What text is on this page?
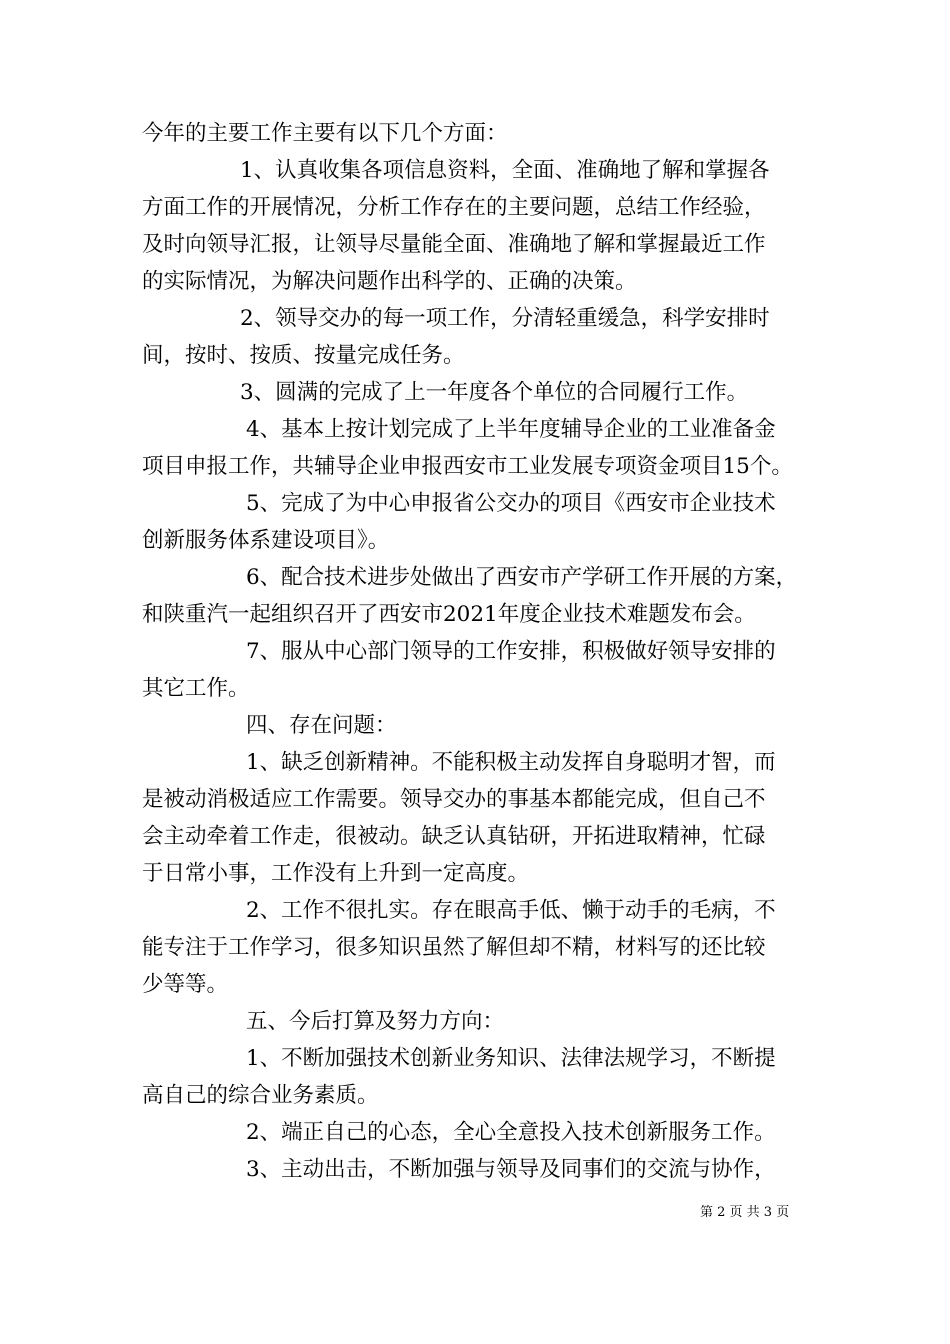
今年的主要工作主要有以下几个方面：
1、认真收集各项信息资料，全面、准确地了解和掌握各
方面工作的开展情况，分析工作存在的主要问题，总结工作经验，
及时向领导汇报，让领导尽量能全面、准确地了解和掌握最近工作
的实际情况，为解决问题作出科学的、正确的决策。
2、领导交办的每一项工作，分清轻重缓急，科学安排时
间，按时、按质、按量完成任务。
3、圆满的完成了上一年度各个单位的合同履行工作。
4、基本上按计划完成了上半年度辅导企业的工业准备金
项目申报工作，共辅导企业申报西安市工业发展专项资金项目15个。
5、完成了为中心申报省公交办的项目《西安市企业技术
创新服务体系建设项目》。
6、配合技术进步处做出了西安市产学研工作开展的方案，
和陕重汽一起组织召开了西安市2021年度企业技术难题发布会。
7、服从中心部门领导的工作安排，积极做好领导安排的
其它工作。
四、存在问题：
1、缺乏创新精神。不能积极主动发挥自身聪明才智，而
是被动消极适应工作需要。领导交办的事基本都能完成，但自己不
会主动牵着工作走，很被动。缺乏认真钻研，开拓进取精神，忙碌
于日常小事，工作没有上升到一定高度。
2、工作不很扎实。存在眼高手低、懒于动手的毛病，不
能专注于工作学习，很多知识虽然了解但却不精，材料写的还比较
少等等。
五、今后打算及努力方向：
1、不断加强技术创新业务知识、法律法规学习，不断提
高自己的综合业务素质。
2、端正自己的心态，全心全意投入技术创新服务工作。
3、主动出击，不断加强与领导及同事们的交流与协作，
第 2 页 共 3 页
